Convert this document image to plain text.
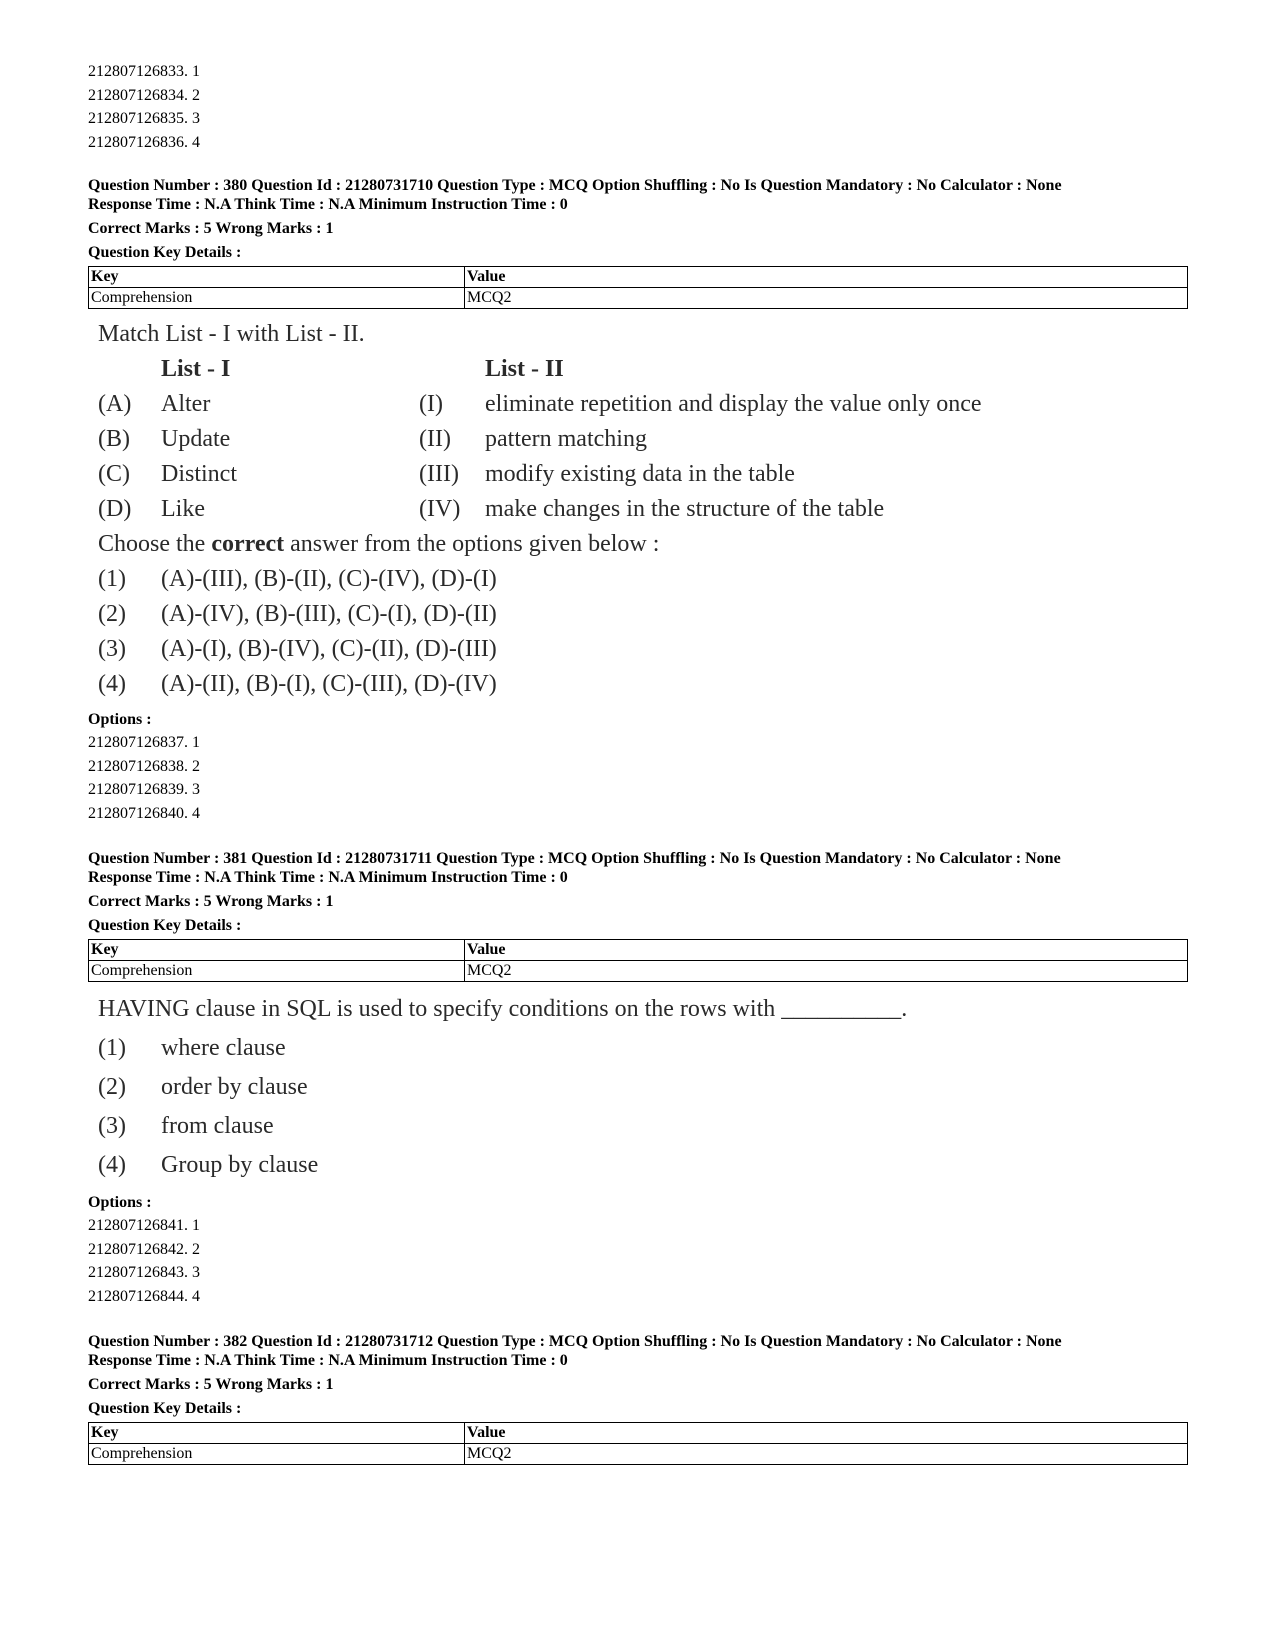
212807126833. 1
212807126834. 2
212807126835. 3
212807126836. 4
Question Number : 380 Question Id : 21280731710 Question Type : MCQ Option Shuffling : No Is Question Mandatory : No Calculator : None
Response Time : N.A Think Time : N.A Minimum Instruction Time : 0
Correct Marks : 5 Wrong Marks : 1
Question Key Details :
Key	Value
Comprehension	MCQ2
Match List - I with List - II.
List - I	List - II
(A)	Alter	(I)	eliminate repetition and display the value only once
(B)	Update	(II)	pattern matching
(C)	Distinct	(III)	modify existing data in the table
(D)	Like	(IV)	make changes in the structure of the table
Choose the correct answer from the options given below :
(1)	(A)-(III), (B)-(II), (C)-(IV), (D)-(I)
(2)	(A)-(IV), (B)-(III), (C)-(I), (D)-(II)
(3)	(A)-(I), (B)-(IV), (C)-(II), (D)-(III)
(4)	(A)-(II), (B)-(I), (C)-(III), (D)-(IV)
Options :
212807126837. 1
212807126838. 2
212807126839. 3
212807126840. 4
Question Number : 381 Question Id : 21280731711 Question Type : MCQ Option Shuffling : No Is Question Mandatory : No Calculator : None
Response Time : N.A Think Time : N.A Minimum Instruction Time : 0
Correct Marks : 5 Wrong Marks : 1
Question Key Details :
Key	Value
Comprehension	MCQ2
HAVING clause in SQL is used to specify conditions on the rows with __________.
(1)	where clause
(2)	order by clause
(3)	from clause
(4)	Group by clause
Options :
212807126841. 1
212807126842. 2
212807126843. 3
212807126844. 4
Question Number : 382 Question Id : 21280731712 Question Type : MCQ Option Shuffling : No Is Question Mandatory : No Calculator : None
Response Time : N.A Think Time : N.A Minimum Instruction Time : 0
Correct Marks : 5 Wrong Marks : 1
Question Key Details :
Key	Value
Comprehension	MCQ2
